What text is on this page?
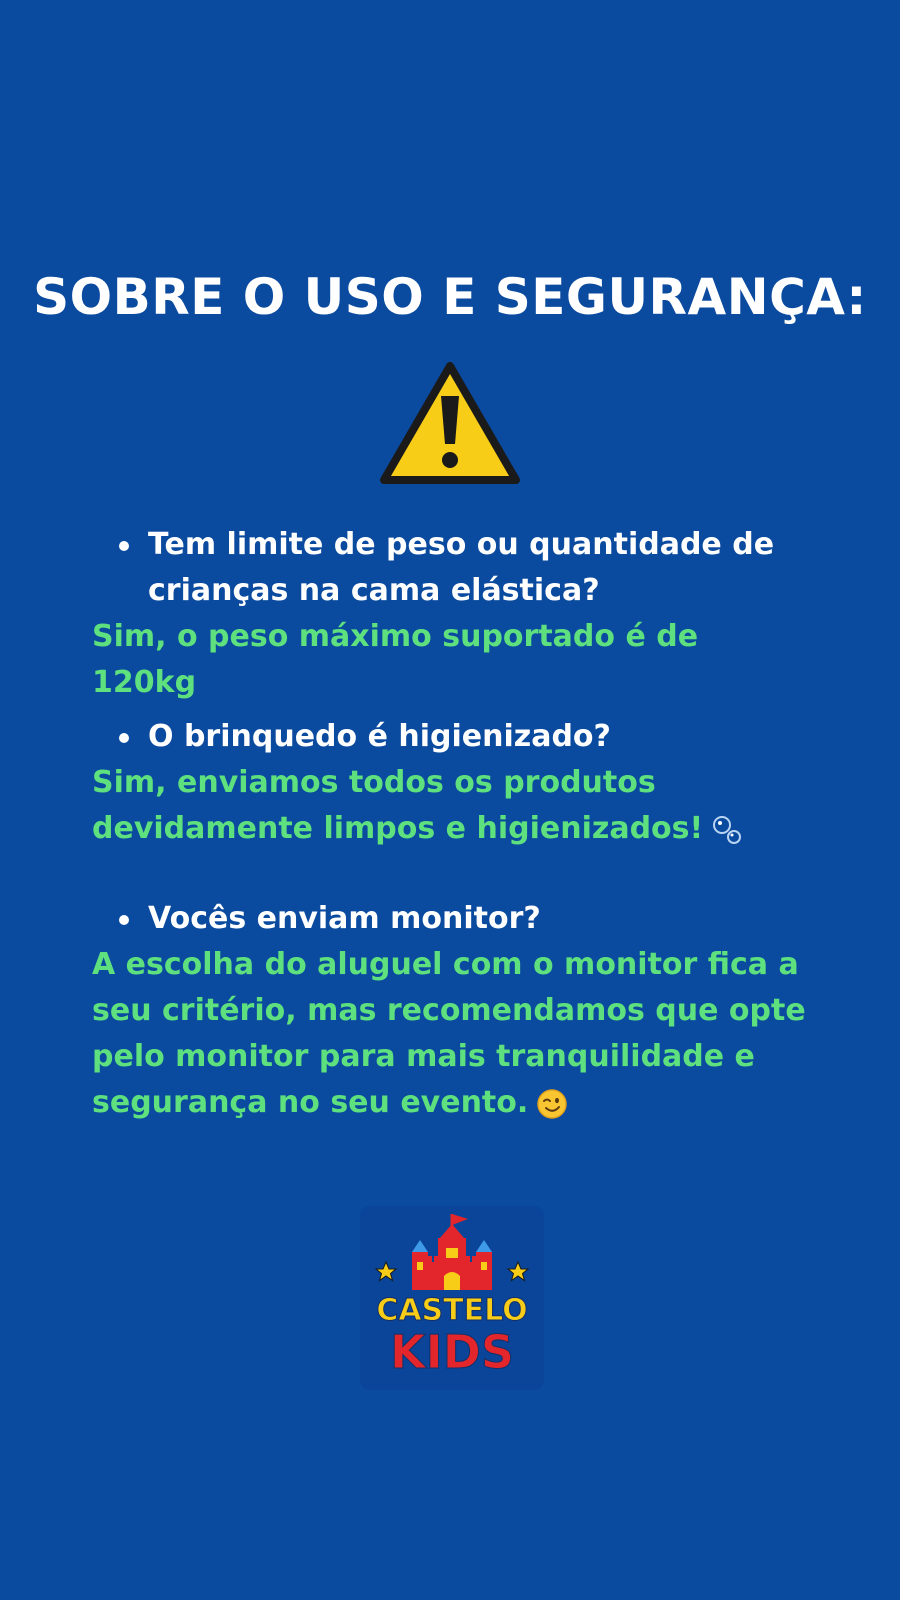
SOBRE O USO E SEGURANÇA:
Tem limite de peso ou quantidade de crianças na cama elástica?
Sim, o peso máximo suportado é de 120kg
O brinquedo é higienizado?
Sim, enviamos todos os produtos devidamente limpos e higienizados!
Vocês enviam monitor?
A escolha do aluguel com o monitor fica a seu critério, mas recomendamos que opte pelo monitor para mais tranquilidade e segurança no seu evento.
CASTELO
KIDS
